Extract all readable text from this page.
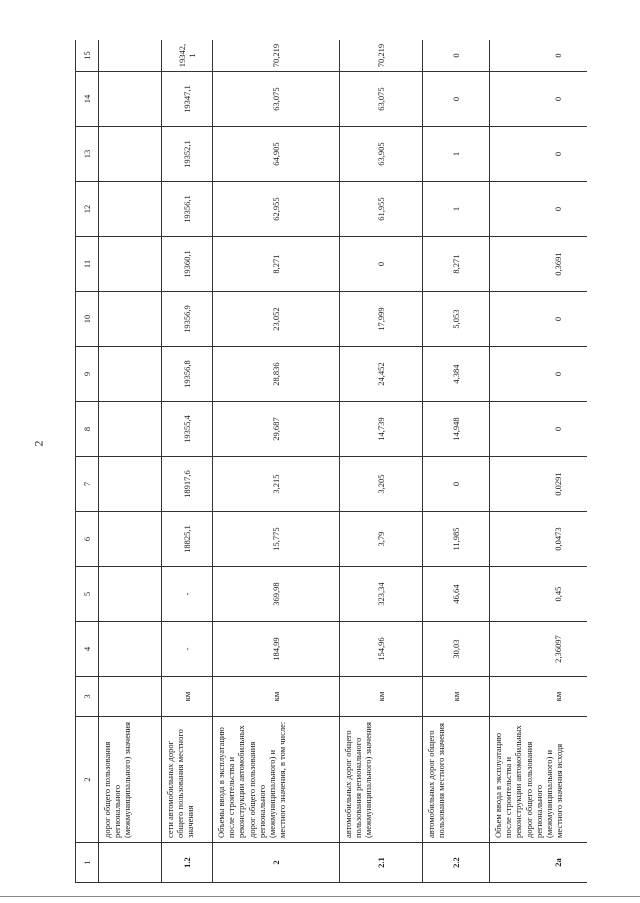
2
1	2	3	4	5	6	7	8	9	10	11	12	13	14	15
	дорог общего пользования регионального (межмуниципального) значения													
1.2	сети автомобильных дорог общего пользования местного значения	км	-	-	18825,1	18917,6	19355,4	19356,8	19356,9	19360,1	19356,1	19352,1	19347,1	19342,1
2	Объемы ввода в эксплуатацию после строительства и реконструкции автомобильных дорог общего пользования регионального (межмуниципального) и местного значения, в том числе:	км	184,99	369,98	15,775	3,215	29,687	28,836	23,052	8,271	62,955	64,905	63,075	70,219
2.1	автомобильных дорог общего пользования регионального (межмуниципального) значения	км	154,96	323,34	3,79	3,205	14,739	24,452	17,999	0	61,955	63,905	63,075	70,219
2.2	автомобильных дорог общего пользования местного значения	км	30,03	46,64	11,985	0	14,948	4,384	5,053	8,271	1	1	0	0
2а	Объем ввода в эксплуатацию после строительства и реконструкции автомобильных дорог общего пользования регионального (межмуниципального) и местного значения исходя	км	2,36097	0,45	0,0473	0,0291	0	0	0	0,3691	0	0	0	0
